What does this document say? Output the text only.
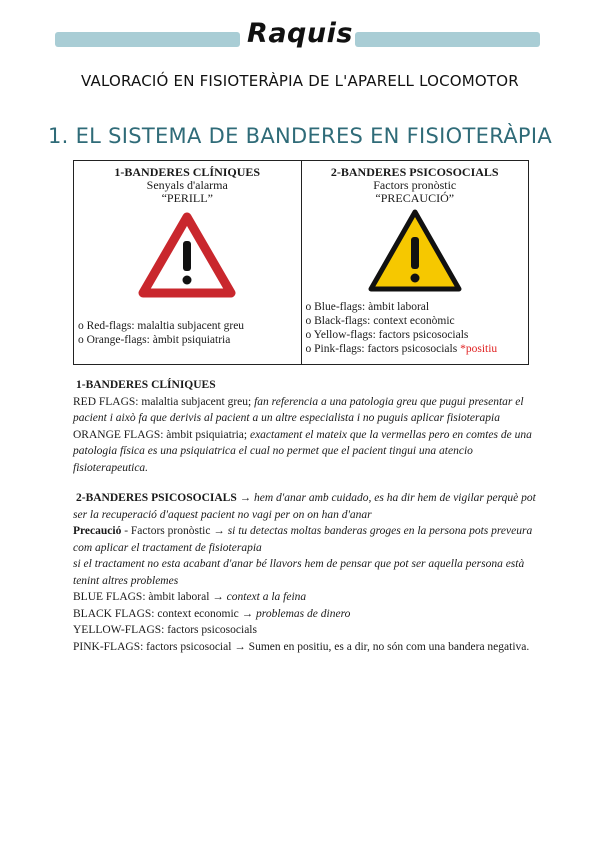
Raquis
VALORACIÓ EN FISIOTERÀPIA DE L'APARELL LOCOMOTOR
1. EL SISTEMA DE BANDERES EN FISIOTERÀPIA
1-BANDERES CLÍNIQUES
Senyals d'alarma
“PERILL”
o Red-flags: malaltia subjacent greu
o Orange-flags: àmbit psiquiatria
2-BANDERES PSICOSOCIALS
Factors pronòstic
“PRECAUCIÓ”
o Blue-flags: àmbit laboral
o Black-flags: context econòmic
o Yellow-flags: factors psicosocials
o Pink-flags: factors psicosocials *positiu

1-BANDERES CLÍNIQUES

RED FLAGS: malaltia subjacent greu; fan referencia a una patologia greu que pugui presentar el pacient i això fa que derivis al pacient a un altre especialista i no puguis aplicar fisioterapia

ORANGE FLAGS: àmbit psiquiatria; exactament el mateix que la vermellas pero en comtes de una patologia física es una psiquiatrica el cual no permet que el pacient tingui una atencio fisioterapeutica.

2-BANDERES PSICOSOCIALS → hem d'anar amb cuidado, es ha dir hem de vigilar perquè pot ser la recuperació d'aquest pacient no vagi per on on han d'anar

Precaució - Factors pronòstic → si tu detectas moltas banderas groges en la persona pots preveura com aplicar el tractament de fisioterapia

si el tractament no esta acabant d'anar bé llavors hem de pensar que pot ser aquella persona està tenint altres problemes

BLUE FLAGS: àmbit laboral → context a la feina

BLACK FLAGS: context economic → problemas de dinero

YELLOW-FLAGS: factors psicosocials

PINK-FLAGS: factors psicosocial → Sumen en positiu, es a dir, no són com una bandera negativa.
